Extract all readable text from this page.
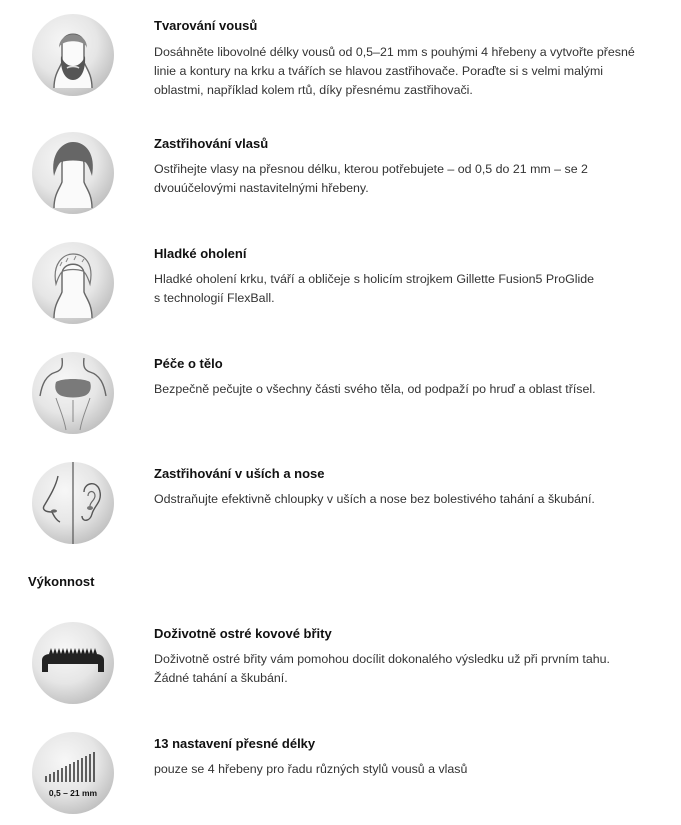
Tvarování vousů
Dosáhněte libovolné délky vousů od 0,5–21 mm s pouhými 4 hřebeny a vytvořte přesné
linie a kontury na krku a tvářích se hlavou zastřihovače. Poraďte si s velmi malými
oblastmi, například kolem rtů, díky přesnému zastřihovači.
Zastřihování vlasů
Ostřihejte vlasy na přesnou délku, kterou potřebujete – od 0,5 do 21 mm – se 2
dvouúčelovými nastavitelnými hřebeny.
Hladké oholení
Hladké oholení krku, tváří a obličeje s holicím strojkem Gillette Fusion5 ProGlide
s technologií FlexBall.
Péče o tělo
Bezpečně pečujte o všechny části svého těla, od podpaží po hruď a oblast třísel.
Zastřihování v uších a nose
Odstraňujte efektivně chloupky v uších a nose bez bolestivého tahání a škubání.
Výkonnost
Doživotně ostré kovové břity
Doživotně ostré břity vám pomohou docílit dokonalého výsledku už při prvním tahu.
Žádné tahání a škubání.
0,5 – 21 mm
13 nastavení přesné délky
pouze se 4 hřebeny pro řadu různých stylů vousů a vlasů
